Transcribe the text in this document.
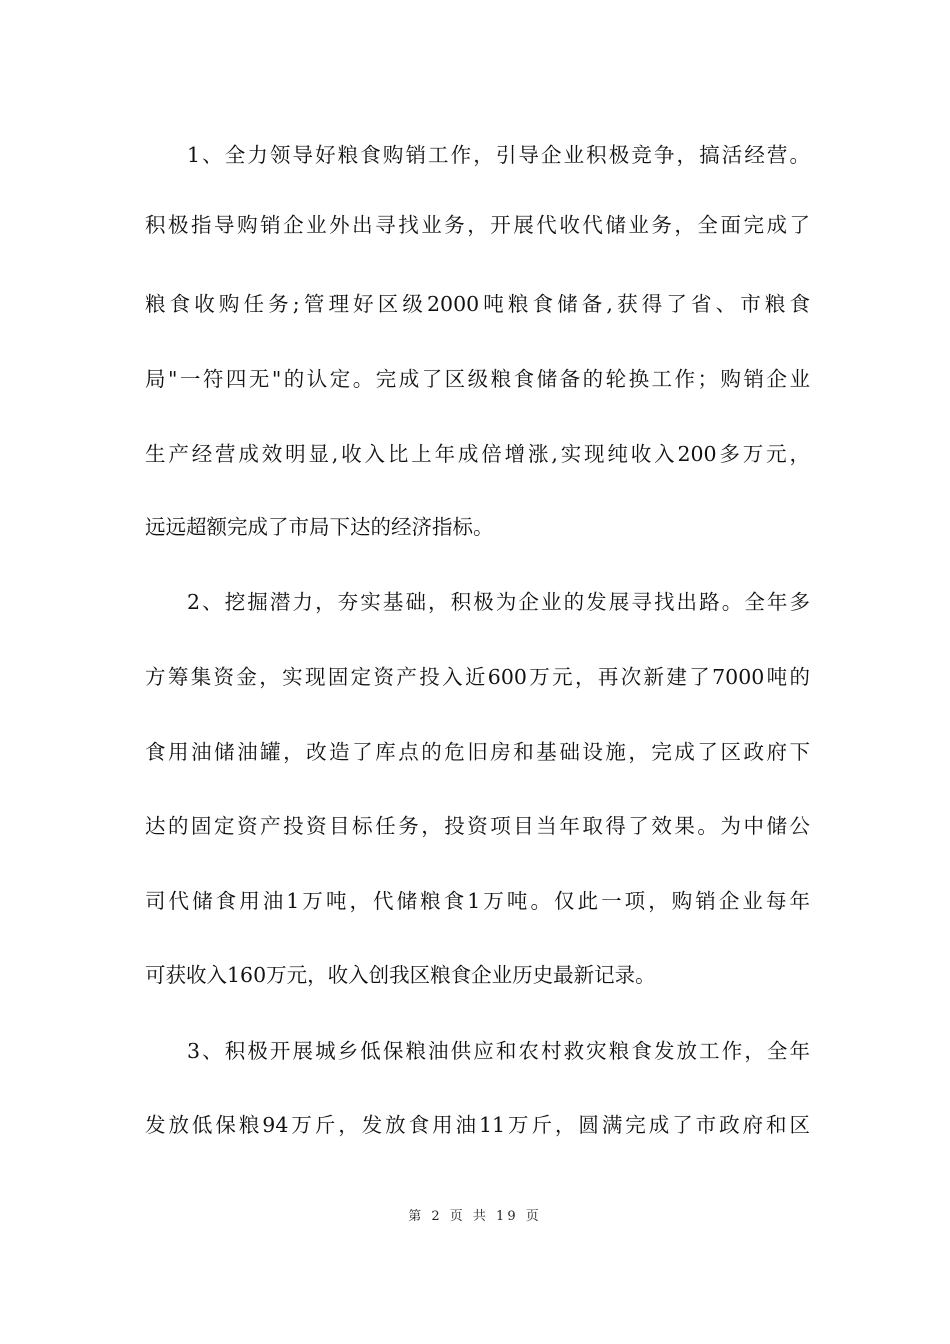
1、全力领导好粮食购销工作，引导企业积极竞争，搞活经营。
积极指导购销企业外出寻找业务，开展代收代储业务，全面完成了
粮食收购任务;管理好区级2000吨粮食储备,获得了省、市粮食
局"一符四无"的认定。完成了区级粮食储备的轮换工作；购销企业
生产经营成效明显,收入比上年成倍增涨,实现纯收入200多万元，
远远超额完成了市局下达的经济指标。
2、挖掘潜力，夯实基础，积极为企业的发展寻找出路。全年多
方筹集资金，实现固定资产投入近600万元，再次新建了7000吨的
食用油储油罐，改造了库点的危旧房和基础设施，完成了区政府下
达的固定资产投资目标任务，投资项目当年取得了效果。为中储公
司代储食用油1万吨，代储粮食1万吨。仅此一项，购销企业每年
可获收入160万元，收入创我区粮食企业历史最新记录。
3、积极开展城乡低保粮油供应和农村救灾粮食发放工作，全年
发放低保粮94万斤，发放食用油11万斤，圆满完成了市政府和区
第 2 页 共 19 页
